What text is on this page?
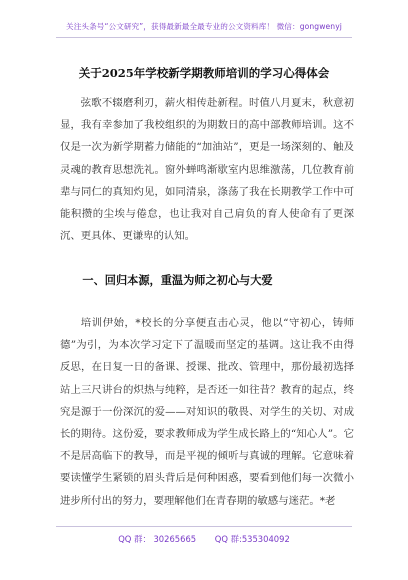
关注头条号“公文研究”，获得最新最全最专业的公文资料库！ 微信：gongwenyj
关于2025年学校新学期教师培训的学习心得体会

弦歌不辍磨利刃，薪火相传赴新程。时值八月夏末，秋意初显，我有幸参加了我校组织的为期数日的高中部教师培训。这不仅是一次为新学期蓄力储能的“加油站”，更是一场深刻的、触及灵魂的教育思想洗礼。窗外蝉鸣渐歇室内思维激荡，几位教育前辈与同仁的真知灼见，如同清泉，涤荡了我在长期教学工作中可能积攒的尘埃与倦怠，也让我对自己肩负的育人使命有了更深沉、更具体、更谦卑的认知。

一、回归本源，重温为师之初心与大爱

培训伊始，*校长的分享便直击心灵，他以“守初心，铸师德”为引，为本次学习定下了温暖而坚定的基调。这让我不由得反思，在日复一日的备课、授课、批改、管理中，那份最初选择站上三尺讲台的炽热与纯粹，是否还一如往昔？教育的起点，终究是源于一份深沉的爱——对知识的敬畏、对学生的关切、对成长的期待。这份爱，要求教师成为学生成长路上的“知心人”。它不是居高临下的教导，而是平视的倾听与真诚的理解。它意味着要读懂学生紧锁的眉头背后是何种困惑，要看到他们每一次微小进步所付出的努力，要理解他们在青春期的敏感与迷茫。*老

QQ 群： 30265665 QQ 群:535304092
